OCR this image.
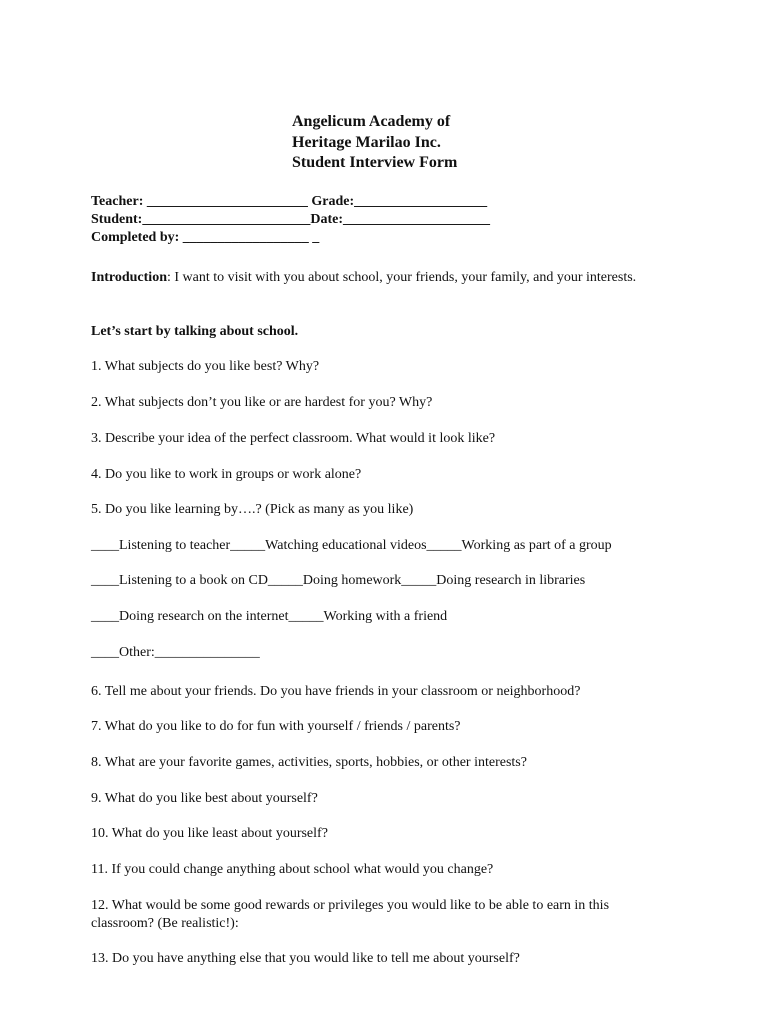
Angelicum Academy of
Heritage Marilao Inc.
Student Interview Form
Teacher: _______________________ Grade:___________________
Student:________________________Date:_____________________
Completed by: __________________ _
Introduction: I want to visit with you about school, your friends, your family, and your interests.
Let’s start by talking about school.
1. What subjects do you like best? Why?
2. What subjects don’t you like or are hardest for you? Why?
3. Describe your idea of the perfect classroom. What would it look like?
4. Do you like to work in groups or work alone?
5. Do you like learning by….? (Pick as many as you like)
____Listening to teacher_____Watching educational videos_____Working as part of a group
____Listening to a book on CD_____Doing homework_____Doing research in libraries
____Doing research on the internet_____Working with a friend
____Other:_______________
6. Tell me about your friends. Do you have friends in your classroom or neighborhood?
7. What do you like to do for fun with yourself / friends / parents?
8. What are your favorite games, activities, sports, hobbies, or other interests?
9. What do you like best about yourself?
10. What do you like least about yourself?
11. If you could change anything about school what would you change?
12. What would be some good rewards or privileges you would like to be able to earn in this classroom? (Be realistic!):
13. Do you have anything else that you would like to tell me about yourself?
